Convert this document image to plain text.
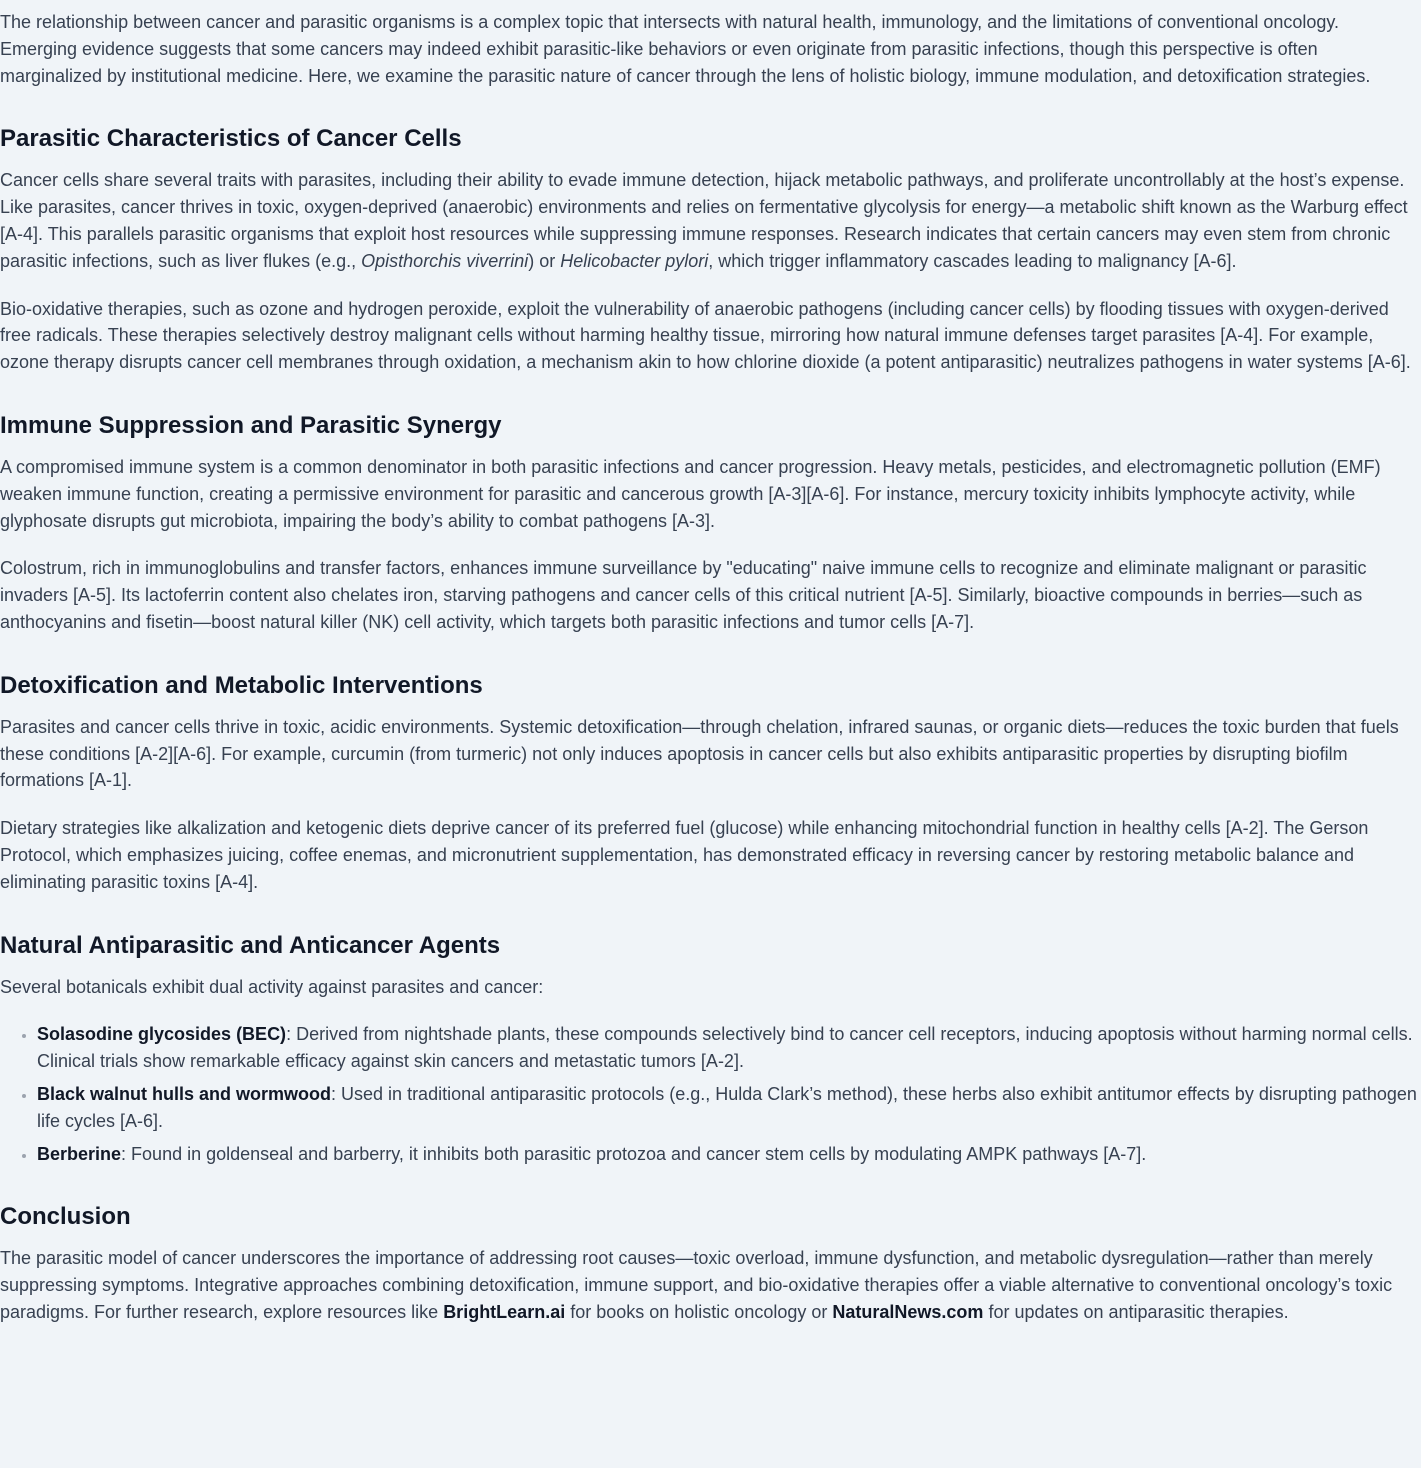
The relationship between cancer and parasitic organisms is a complex topic that intersects with natural health, immunology, and the limitations of conventional oncology. Emerging evidence suggests that some cancers may indeed exhibit parasitic-like behaviors or even originate from parasitic infections, though this perspective is often marginalized by institutional medicine. Here, we examine the parasitic nature of cancer through the lens of holistic biology, immune modulation, and detoxification strategies.

Parasitic Characteristics of Cancer Cells

Cancer cells share several traits with parasites, including their ability to evade immune detection, hijack metabolic pathways, and proliferate uncontrollably at the host’s expense. Like parasites, cancer thrives in toxic, oxygen-deprived (anaerobic) environments and relies on fermentative glycolysis for energy—a metabolic shift known as the Warburg effect [A-4]. This parallels parasitic organisms that exploit host resources while suppressing immune responses. Research indicates that certain cancers may even stem from chronic parasitic infections, such as liver flukes (e.g., Opisthorchis viverrini) or Helicobacter pylori, which trigger inflammatory cascades leading to malignancy [A-6].

Bio-oxidative therapies, such as ozone and hydrogen peroxide, exploit the vulnerability of anaerobic pathogens (including cancer cells) by flooding tissues with oxygen-derived free radicals. These therapies selectively destroy malignant cells without harming healthy tissue, mirroring how natural immune defenses target parasites [A-4]. For example, ozone therapy disrupts cancer cell membranes through oxidation, a mechanism akin to how chlorine dioxide (a potent antiparasitic) neutralizes pathogens in water systems [A-6].

Immune Suppression and Parasitic Synergy

A compromised immune system is a common denominator in both parasitic infections and cancer progression. Heavy metals, pesticides, and electromagnetic pollution (EMF) weaken immune function, creating a permissive environment for parasitic and cancerous growth [A-3][A-6]. For instance, mercury toxicity inhibits lymphocyte activity, while glyphosate disrupts gut microbiota, impairing the body’s ability to combat pathogens [A-3].

Colostrum, rich in immunoglobulins and transfer factors, enhances immune surveillance by "educating" naive immune cells to recognize and eliminate malignant or parasitic invaders [A-5]. Its lactoferrin content also chelates iron, starving pathogens and cancer cells of this critical nutrient [A-5]. Similarly, bioactive compounds in berries—such as anthocyanins and fisetin—boost natural killer (NK) cell activity, which targets both parasitic infections and tumor cells [A-7].

Detoxification and Metabolic Interventions

Parasites and cancer cells thrive in toxic, acidic environments. Systemic detoxification—through chelation, infrared saunas, or organic diets—reduces the toxic burden that fuels these conditions [A-2][A-6]. For example, curcumin (from turmeric) not only induces apoptosis in cancer cells but also exhibits antiparasitic properties by disrupting biofilm formations [A-1].

Dietary strategies like alkalization and ketogenic diets deprive cancer of its preferred fuel (glucose) while enhancing mitochondrial function in healthy cells [A-2]. The Gerson Protocol, which emphasizes juicing, coffee enemas, and micronutrient supplementation, has demonstrated efficacy in reversing cancer by restoring metabolic balance and eliminating parasitic toxins [A-4].

Natural Antiparasitic and Anticancer Agents

Several botanicals exhibit dual activity against parasites and cancer:

• Solasodine glycosides (BEC): Derived from nightshade plants, these compounds selectively bind to cancer cell receptors, inducing apoptosis without harming normal cells. Clinical trials show remarkable efficacy against skin cancers and metastatic tumors [A-2].
• Black walnut hulls and wormwood: Used in traditional antiparasitic protocols (e.g., Hulda Clark’s method), these herbs also exhibit antitumor effects by disrupting pathogen life cycles [A-6].
• Berberine: Found in goldenseal and barberry, it inhibits both parasitic protozoa and cancer stem cells by modulating AMPK pathways [A-7].
Conclusion

The parasitic model of cancer underscores the importance of addressing root causes—toxic overload, immune dysfunction, and metabolic dysregulation—rather than merely suppressing symptoms. Integrative approaches combining detoxification, immune support, and bio-oxidative therapies offer a viable alternative to conventional oncology’s toxic paradigms. For further research, explore resources like BrightLearn.ai for books on holistic oncology or NaturalNews.com for updates on antiparasitic therapies.
